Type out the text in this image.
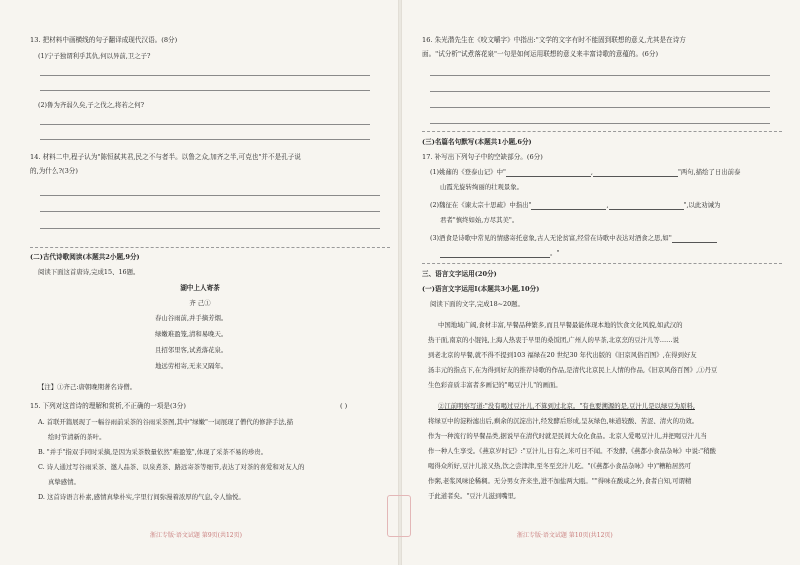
13. 把材料中画横线的句子翻译成现代汉语。(8分)
(1)宁子独谓利乎其仇,何以异前,卫之子?
(2)鲁为齐弱久矣,子之伐之,将若之何?
14. 材料二中,程子认为"陈恒弑其君,民之不与者半。以鲁之众,加齐之半,可克也"并不是孔子说
的,为什么?(3分)
(二)古代诗歌阅读(本题共2小题,9分)
阅读下面这首唐诗,完成15、16题。
湖中上人寄茶
齐 己①
春山谷雨前,并手摘芳烟。
绿嫩难盈笼,清和易晚天。
且招邻里客,试煮落花泉。
地远劳相寄,无来又隔年。
【注】①齐己:唐朝晚期著名诗僧。
15. 下列对这首诗的理解和赏析,不正确的一项是(3分)	( )
A. 首联开篇展现了一幅谷雨前采茶的谷雨采茶图,其中"绿嫩"一词展现了僧代的修辞手法,描
绘时节清新的茶叶。
B. "并手"指双手同时采摘,是因为采茶数量依然"难盈笼",体现了采茶不易的珍贵。
C. 诗人通过写谷雨采茶、邀人品茶、以泉煮茶、路远寄茶等细节,表达了对茶的喜爱和对友人的
真挚感情。
D. 这首诗语言朴素,感情真挚朴实,字里行间弥漫着浓厚的气息,令人愉悦。
浙江专版·语文试题 第9页(共12页)
16. 朱光潜先生在《咬文嚼字》中指出:"文学的文字有时不能固到联想的意义,尤其是在诗方
面。"试分析"试煮落花泉"一句是如何运用联想的意义来丰富诗歌的意蕴的。(6分)
(三)名篇名句默写(本题共1小题,6分)
17. 补写出下列句子中的空缺部分。(6分)
(1)姚鼐的《登泰山记》中"	,	"两句,描绘了日出前泰
山霞光旋转绚丽的壮观景象。
(2)魏征在《谏太宗十思疏》中指出"	,	",以此劝诫为
君者"慎终如始,方尽其美"。
(3)酒食是诗歌中常见的情感寄托意象,古人无论贫富,经常在诗歌中表达对酒食之思,如"
。"
三、语言文字运用(20分)
(一)语言文字运用Ⅰ(本题共3小题,10分)
阅读下面的文字,完成18~20题。
中国地域广阔,食材丰富,早餐品种繁多,而且早餐最能体现本地的饮食文化风貌,如武汉的
热干面,南京的小馄饨,上海人热衷于早里的桑饭团,广州人的早茶,北京烹的豆汁儿等……说
到老北京的早餐,就不得不提到103 福绿在20 世纪30 年代出版的《旧京风俗百图》,在得到好友
汤丰元的指点下,在为得到好友的推荐诗歌的作品,是清代北京民上人情的作品,《旧京风俗百图》,①丹豆
生色彩音质丰富者多画记的"喝豆汁儿"的画面。
②江前明察写道:"没有喝过豆汁儿,不算到过北京。"有也要溯源的是,豆汁儿是以绿豆为原料,
将绿豆中的淀粉滤出后,剩余的沉淀出汁,经发酵后形成,呈灰绿色,味道较酸、苦涩、清火的功效。
作为一种流行的早餐品类,据说早在清代时就是民间大众化食品。北京人爱喝豆汁儿,并把喝豆汁儿当
作一种人生享受。《燕京岁时记》:"豆汁儿,日有之,米可日不闻。不发酵,《燕都小食品杂咏》中说:"稍酸
喝得众所好,豆汁儿浓又热,饮之尝津津,至冬至烹汁儿吃。"(《燕都小食品杂咏》中)"糟粕居然可
作粥,老浆风味论稀稠。无分男女齐来坐,进不加盐两大瓯。""得味在酸咸之外,食者自知,可谓精
于此道者矣。"豆汁儿滋到嘴里,
浙江专版·语文试题 第10页(共12页)
